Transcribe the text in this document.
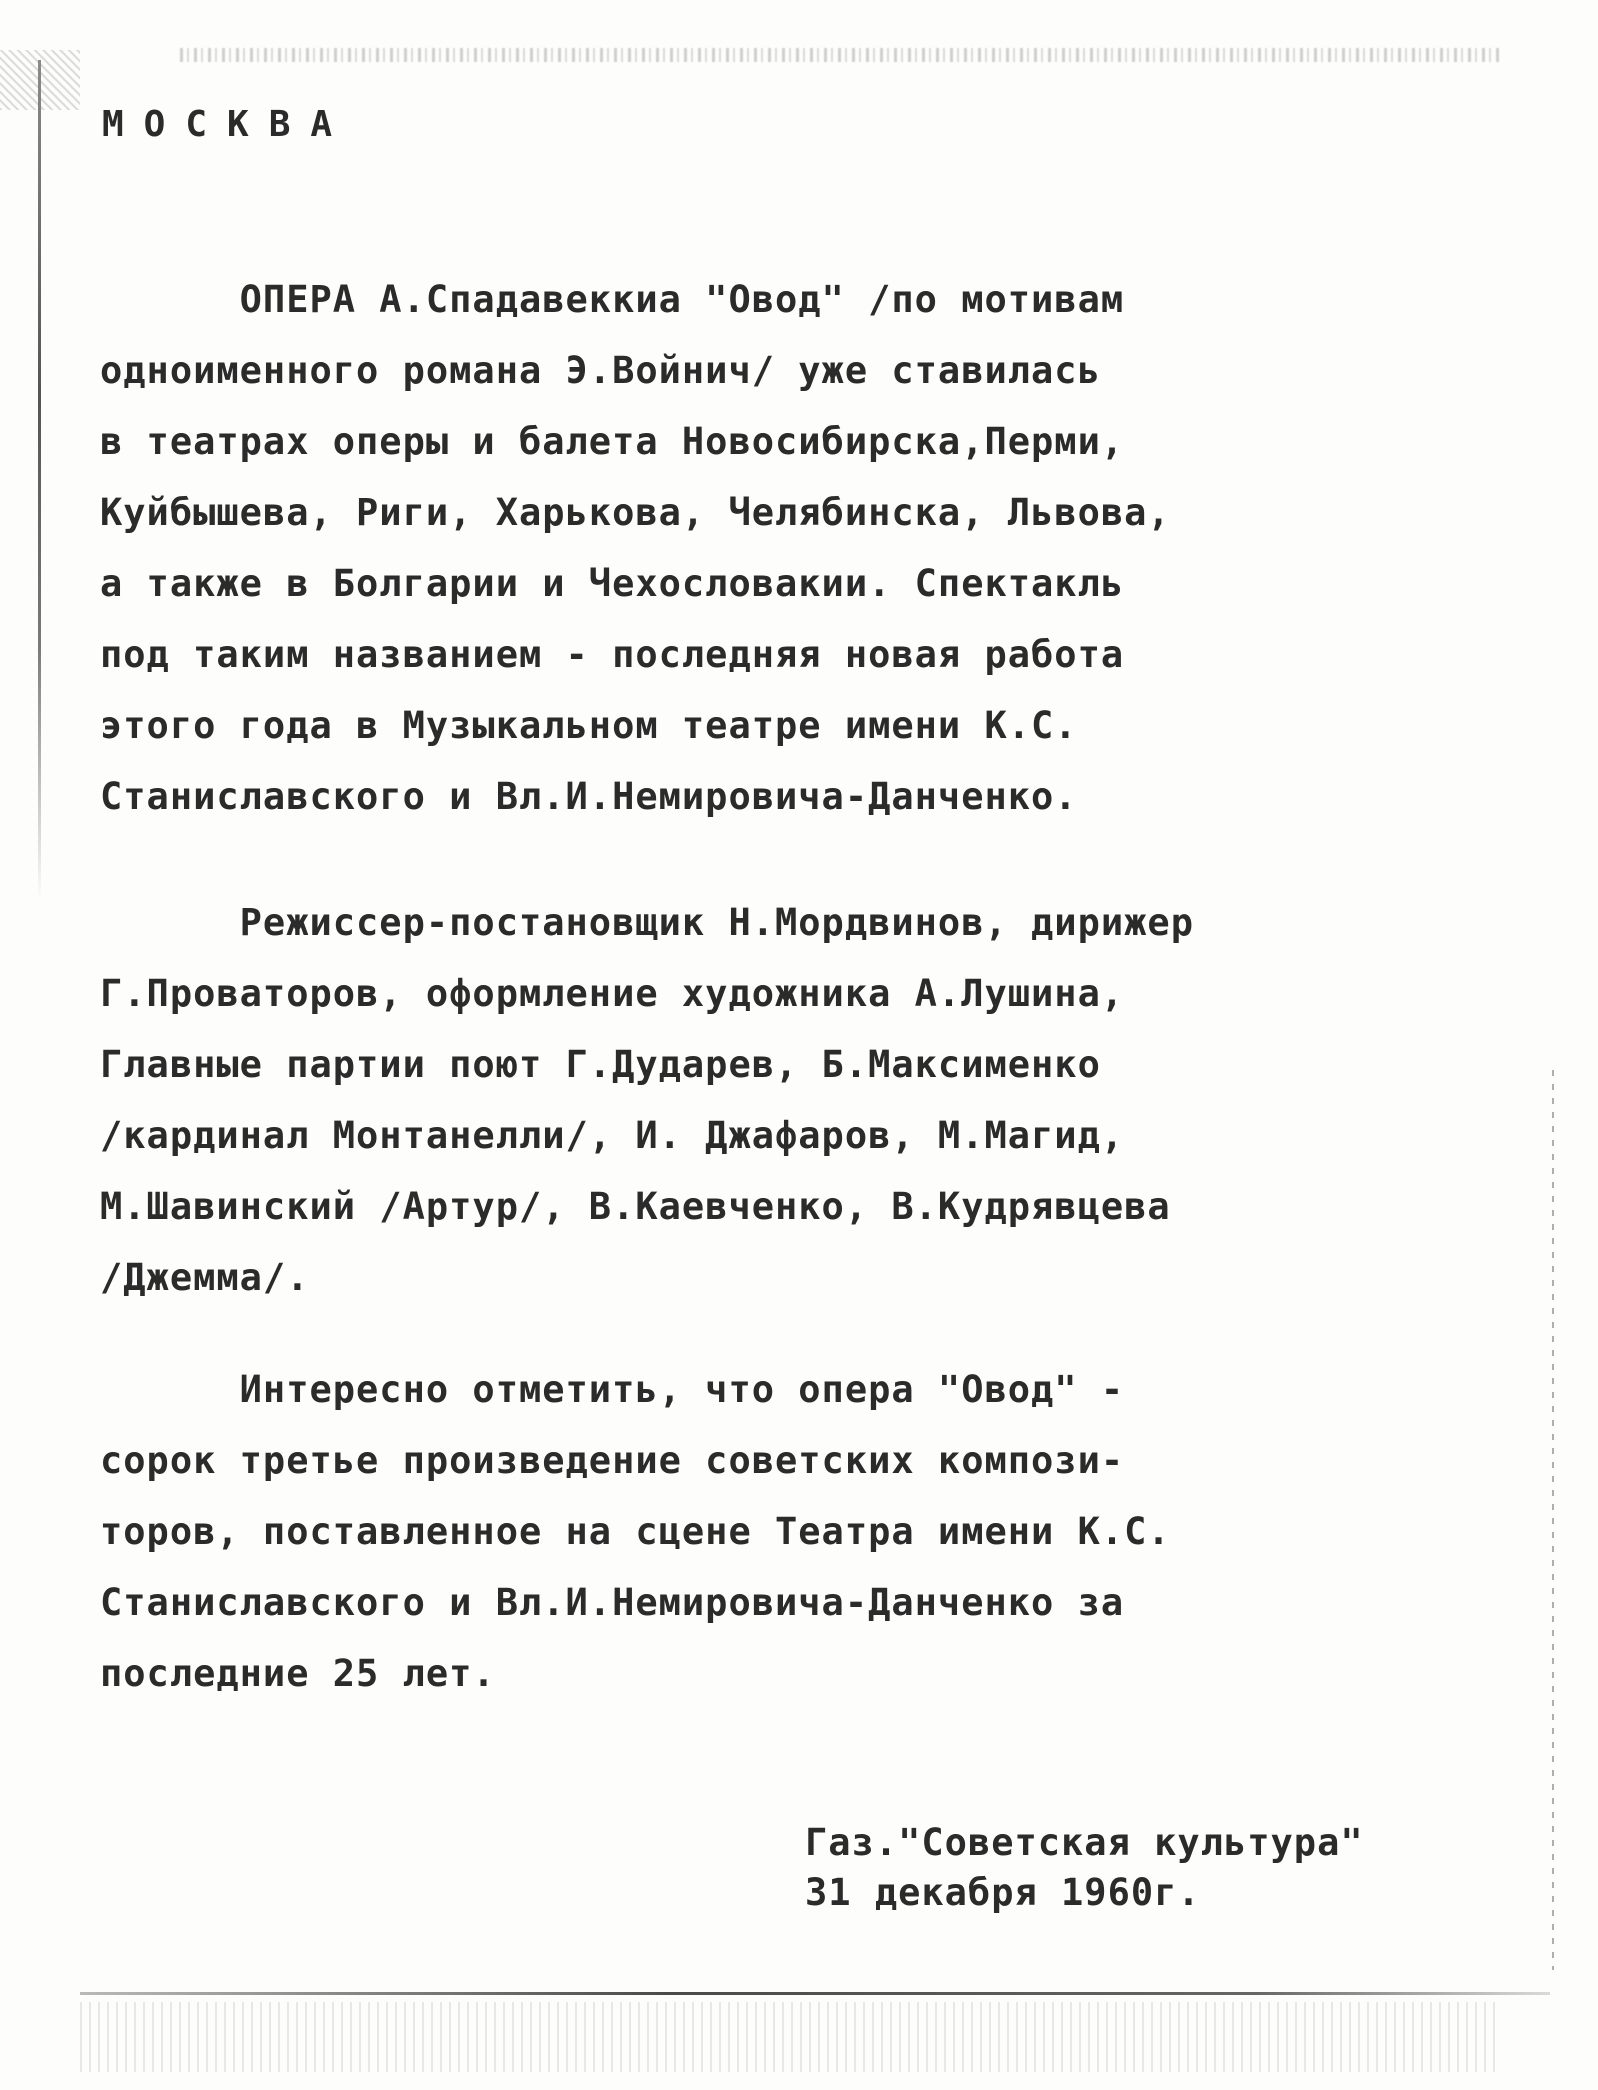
МОСКВА

ОПЕРА А.Спадавеккиа "Овод" /по мотивам
одноименного романа Э.Войнич/ уже ставилась
в театрах оперы и балета Новосибирска,Перми,
Куйбышева, Риги, Харькова, Челябинска, Львова,
а также в Болгарии и Чехословакии. Спектакль
под таким названием - последняя новая работа
этого года в Музыкальном театре имени К.С.
Станиславского и Вл.И.Немировича-Данченко.

Режиссер-постановщик Н.Мордвинов, дирижер
Г.Проваторов, оформление художника А.Лушина,
Главные партии поют Г.Дударев, Б.Максименко
/кардинал Монтанелли/, И. Джафаров, М.Магид,
М.Шавинский /Артур/, В.Каевченко, В.Кудрявцева
/Джемма/.

Интересно отметить, что опера "Овод" -
сорок третье произведение советских компози-
торов, поставленное на сцене Театра имени К.С.
Станиславского и Вл.И.Немировича-Данченко за
последние 25 лет.

Газ."Советская культура"
31 декабря 1960г.
